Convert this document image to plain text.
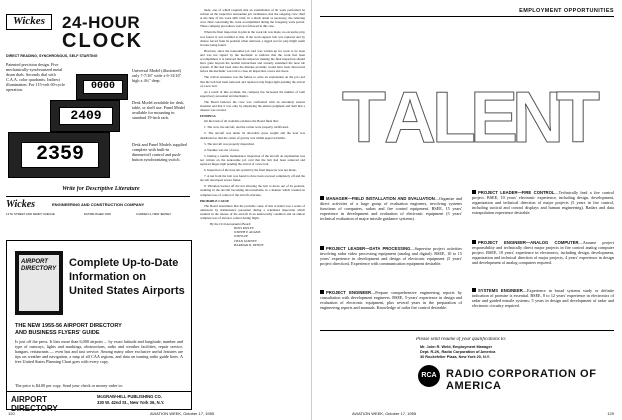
Wickes	24-HOUR
CLOCK
DIRECT READING, SYNCHRONOUS, SELF STARTING
Patented precision design. Five mechanically-synchronized metal drum dials. Seconds dial with C.A.A. color quadrants. Indirect illumination. For 115-volt 60-cycle operation.
Universal Model (illustrated) only 7-7/16" wide x 6-13/16" high x 4¾" deep.
Desk Model available for desk, table, or shelf use. Panel Model available for mounting in standard 19-inch rack.
Desk and Panel Models supplied complete with built-in dimmer/off control and push-button synchronizing switch.
0000
2409
2359
Write for Descriptive Literature
Wickes	ENGINEERING AND CONSTRUCTION COMPANY
12TH STREET AND FERRY AVENUE	ESTABLISHED 1930	CAMDEN 4, NEW JERSEY
AIRPORT DIRECTORY Complete Up-to-Date
Information on
United States Airports
THE NEW 1955-56 AIRPORT DIRECTORY
AND BUSINESS FLYERS' GUIDE
Is just off the press. It lists more than 6,000 airports ... by exact latitude and longitude, number and type of runways, lights and markings, obstructions, radio and weather facilities, repair service, hangars, restaurants — even bus and taxi service. Among many other exclusive useful features are tips on weather and navigation, a map of all CAA regions, and data on turning radio guide lines. A free United States Planning Chart goes with every copy.
The price is $4.00 per copy. Send your check or money order to:
AIRPORT DIRECTORY
McGRAW-HILL PUBLISHING CO.
330 W. 42nd St., New York 36, N.Y.

ment, one of which required that an examination of all work performed be written on the respective nonroutine job cardmaster, that the outgoing crew chief at the time of the work shift brief, in a much detail as necessary, the relieving crew chief concerning the work accomplished during the foregoing work period. These company procedures were not followed in this case.

When the final inspection in plan in the work tab was made, no excessive play was found. It was testified to that, if the worn support bolt was replaced and by chance forced from its position when removed, a rigged test for play might result in none being found.

However, since the nonroutine job card was written up for work to be done and was not signed by the mechanic to indicate that the work had been accomplished, it is believed that the inspector making the final inspection should have gone beyond the normal instructions and actually examined the nose tab system. If this had been done the mistake probably would have been discovered before the mechanic was told to close all inspection covers and doors.

The critical nonsense was the failure to write an explanation on the job card that the bolt had been removed and replaced only finger-tight pending the arrival of a new bolt.

As a result of this accident, the company has increased the number of both supervisory personnel and mechanics.

The Board believes the crew was confronted with an extremely serious situation and that it was only by employing the utmost judgment and skill that a disaster was averted.

FINDINGS

On the basis of all available evidence the Board finds that:

1. The crew, the aircraft, and the carrier were properly certificated.

2. The aircraft was under its allowable gross weight and the load was distributed so that the center of gravity was within approved limits.

3. The aircraft was properly dispatched.

4. Weather was not a factor.

5. During a routine maintenance inspection of the aircraft an explanation was not written on the nonroutine job card that the bolt had been removed and replaced finger-tight pending the arrival of a new bolt.

6. Inspection of the nose tab system by the final inspector was not made.

7. A nut from the bolt was found to have been screwed completely off and the aircraft developed severe flutter.

8. Vibration backed off the nut allowing the bolt to move out of its position, resulting in the aircraft becoming uncontrollable, in a manner which resulted in complete loss of control of the aircraft structure.

PROBABLE CAUSE

The Board determines that the probable cause of this accident was a series of omissions by maintenance personnel during a scheduled inspection which resulted in the release of the aircraft in an unairworthy condition and an almost complete loss of elevator control during flight.

By the Civil Aeronautics Board:
ROSS RIZLEY
JOSEPH P. ADAMS
JOSH LEE
CHAN GURNEY
HARMAR D. DENNY
120	AVIATION WEEK, October 17, 1955
EMPLOYMENT OPPORTUNITIES
T
A
L
E
N
T
MANAGER—FIELD INSTALLATION AND EVALUATION—Organize and direct activities of a large group of evaluation engineers, involving systems functions of computers, radars and fire control equipment. BSEE, 15 years' experience in development and evaluation of electronic equipment (5 years' technical evaluation of major missile guidance systems).
PROJECT LEADER—DATA PROCESSING—Supervise project activities involving radar video processing equipment (analog and digital). BSEE, 10 to 15 years' experience in development and design of electronic equipment (5 years' project direction). Experience with communication equipment desirable.
PROJECT ENGINEER—Prepare comprehensive engineering reports by consultation with development engineers. BSEE, 5-years' experience in design and evaluation of electronic equipment, plus several years in the preparation of engineering reports and manuals. Knowledge of radar fire control desirable.
PROJECT LEADER—FIRE CONTROL—Technically lead a fire control project. BSEE, 10 years' electronic experience, including design, development, organization and technical direction of major projects (5 years in fire control, including tactical and control displays and human engineering). Radars and data extrapolation experience desirable.
PROJECT ENGINEER—ANALOG COMPUTER—Assume project responsibility and technically direct major projects in fire control analog computer project. BSEE, 10 years' experience in electronics, including design, development, organization and technical direction of major projects, 4 years' experience in design and development of analog computers required.
SYSTEMS ENGINEER—Experience in broad systems study or definite indication of promise is essential. BSEE, 8 to 12 years' experience in electronics of radar and guided missile systems; 5 years in design and development of radar and electronic circuitry required.
Please send resume of your qualifications to:
Mr. John R. Weld, Employment Manager
Dept. R-2K, Radio Corporation of America
30 Rockefeller Plaza, New York 20, N.Y.
RCA RADIO CORPORATION OF AMERICA
AVIATION WEEK, October 17, 1955	129
